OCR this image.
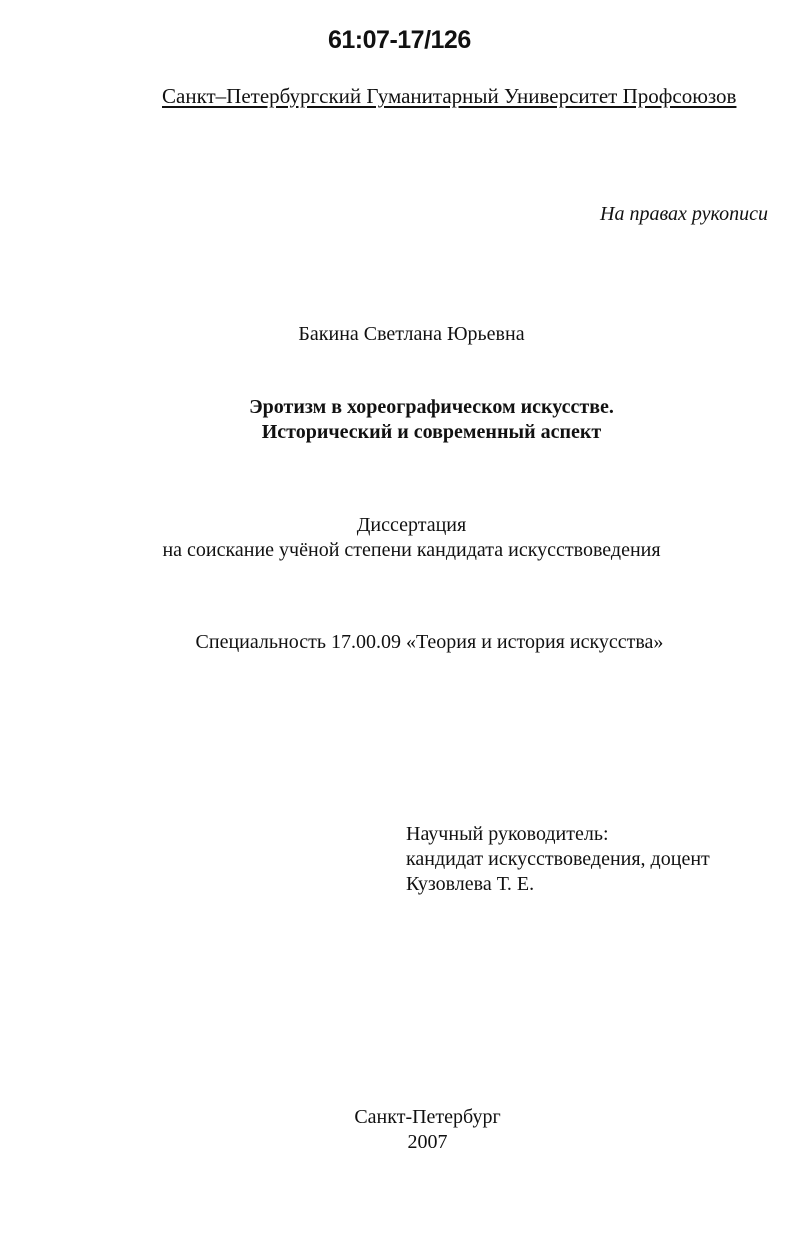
61:07-17/126
Санкт–Петербургский Гуманитарный Университет Профсоюзов
На правах рукописи
Бакина Светлана Юрьевна
Эротизм в хореографическом искусстве.
Исторический и современный аспект
Диссертация
на соискание учёной степени кандидата искусствоведения
Специальность 17.00.09 «Теория и история искусства»
Научный руководитель:
кандидат искусствоведения, доцент
Кузовлева Т. Е.
Санкт-Петербург
2007
